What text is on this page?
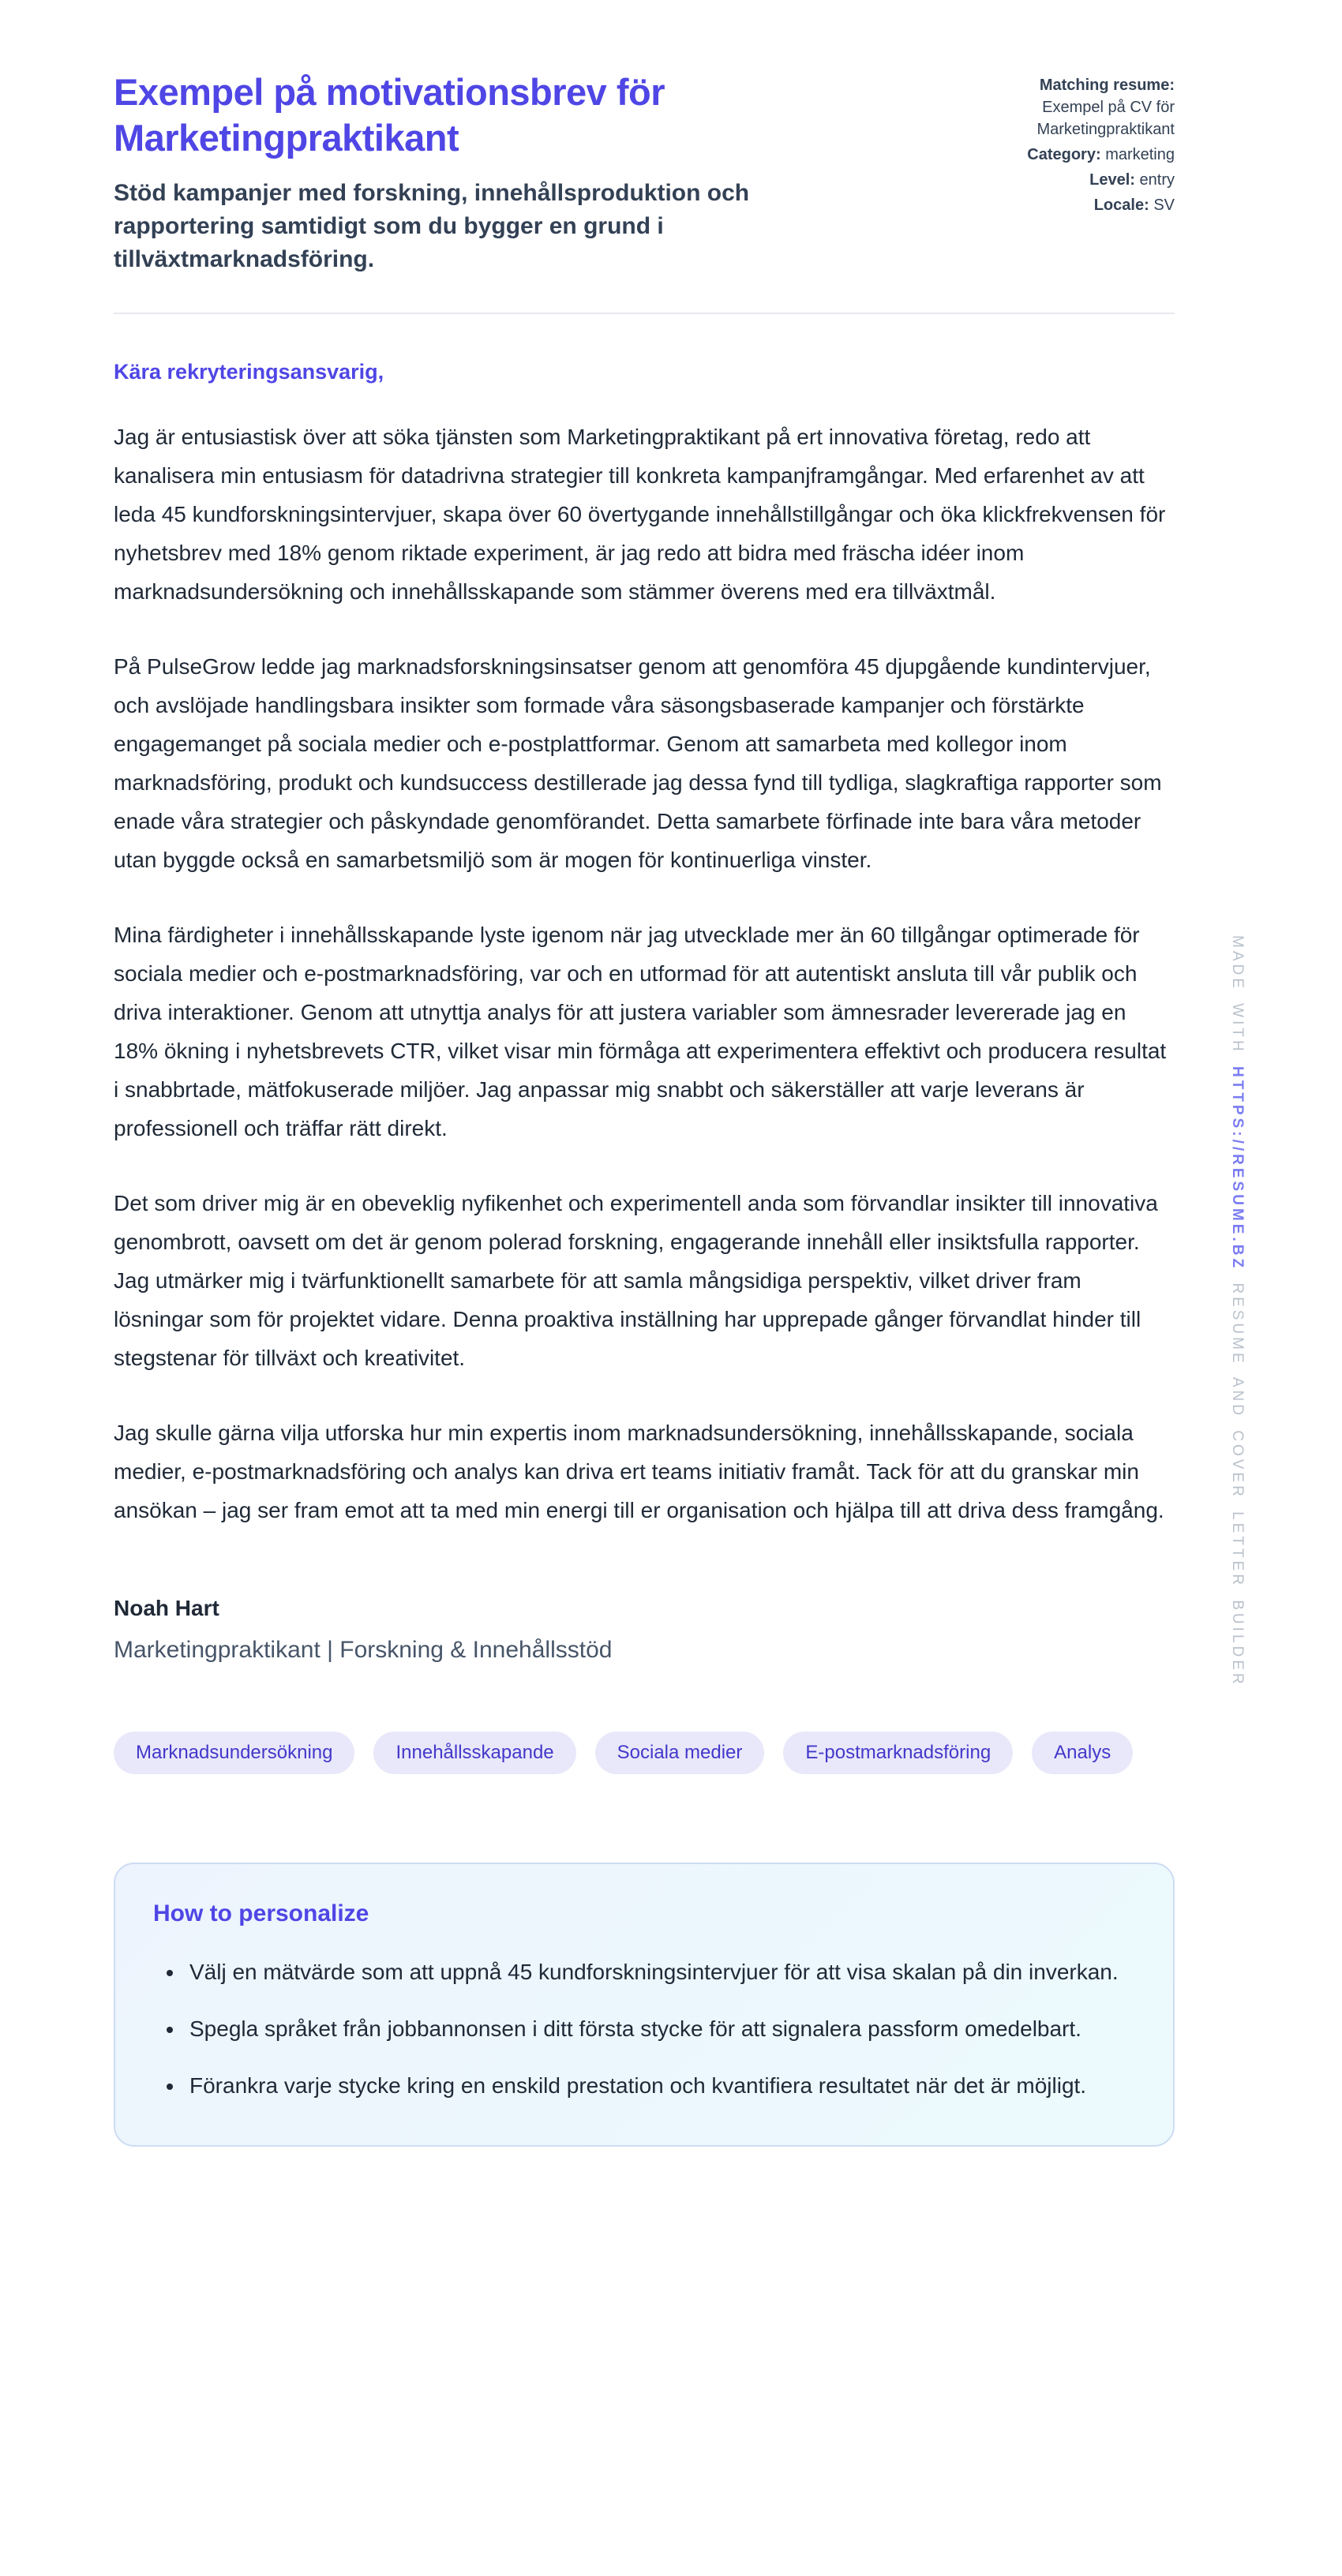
Exempel på motivationsbrev för Marketingpraktikant

Stöd kampanjer med forskning, innehållsproduktion och rapportering samtidigt som du bygger en grund i tillväxtmarknadsföring.

Matching resume:
Exempel på CV för Marketingpraktikant
Category: marketing
Level: entry
Locale: SV

Kära rekryteringsansvarig,

Jag är entusiastisk över att söka tjänsten som Marketingpraktikant på ert innovativa företag, redo att kanalisera min entusiasm för datadrivna strategier till konkreta kampanjframgångar. Med erfarenhet av att leda 45 kundforskningsintervjuer, skapa över 60 övertygande innehållstillgångar och öka klickfrekvensen för nyhetsbrev med 18% genom riktade experiment, är jag redo att bidra med fräscha idéer inom marknadsundersökning och innehållsskapande som stämmer överens med era tillväxtmål.

På PulseGrow ledde jag marknadsforskningsinsatser genom att genomföra 45 djupgående kundintervjuer, och avslöjade handlingsbara insikter som formade våra säsongsbaserade kampanjer och förstärkte engagemanget på sociala medier och e-postplattformar. Genom att samarbeta med kollegor inom marknadsföring, produkt och kundsuccess destillerade jag dessa fynd till tydliga, slagkraftiga rapporter som enade våra strategier och påskyndade genomförandet. Detta samarbete förfinade inte bara våra metoder utan byggde också en samarbetsmiljö som är mogen för kontinuerliga vinster.

Mina färdigheter i innehållsskapande lyste igenom när jag utvecklade mer än 60 tillgångar optimerade för sociala medier och e-postmarknadsföring, var och en utformad för att autentiskt ansluta till vår publik och driva interaktioner. Genom att utnyttja analys för att justera variabler som ämnesrader levererade jag en 18% ökning i nyhetsbrevets CTR, vilket visar min förmåga att experimentera effektivt och producera resultat i snabbrtade, mätfokuserade miljöer. Jag anpassar mig snabbt och säkerställer att varje leverans är professionell och träffar rätt direkt.

Det som driver mig är en obeveklig nyfikenhet och experimentell anda som förvandlar insikter till innovativa genombrott, oavsett om det är genom polerad forskning, engagerande innehåll eller insiktsfulla rapporter. Jag utmärker mig i tvärfunktionellt samarbete för att samla mångsidiga perspektiv, vilket driver fram lösningar som för projektet vidare. Denna proaktiva inställning har upprepade gånger förvandlat hinder till stegstenar för tillväxt och kreativitet.

Jag skulle gärna vilja utforska hur min expertis inom marknadsundersökning, innehållsskapande, sociala medier, e-postmarknadsföring och analys kan driva ert teams initiativ framåt. Tack för att du granskar min ansökan – jag ser fram emot att ta med min energi till er organisation och hjälpa till att driva dess framgång.

Noah Hart

Marketingpraktikant | Forskning & Innehållsstöd

Marknadsundersökning	Innehållsskapande	Sociala medier	E-postmarknadsföring	Analys
How to personalize
• Välj en mätvärde som att uppnå 45 kundforskningsintervjuer för att visa skalan på din inverkan.
• Spegla språket från jobbannonsen i ditt första stycke för att signalera passform omedelbart.
• Förankra varje stycke kring en enskild prestation och kvantifiera resultatet när det är möjligt.
MADE WITH HTTPS://RESUME.BZ RESUME AND COVER LETTER BUILDER
